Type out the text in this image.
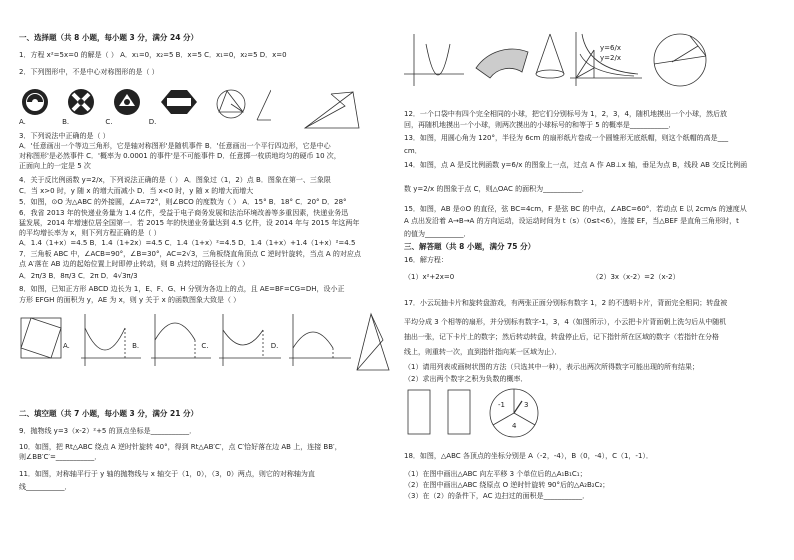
一、选择题（共 8 小题，每小题 3 分，满分 24 分）
1．方程 x²=5x=0 的解是（ ） A．x₁=0，x₂=5 B．x=5 C．x₁=0，x₂=5 D．x=0
2．下列图形中，不是中心对称图形的是（ ）
A.	B.	C.	D.
3．下列说法中正确的是（ ）
A．'任意画出一个等边三角形，它是轴对称图形'是随机事件 B．'任意画出一个平行四边形，它是中心
对称图形'是必然事件 C．'概率为 0.0001 的事件'是不可能事件 D．任意掷一枚质地均匀的硬币 10 次，
正面向上的一定是 5 次
4．关于反比例函数 y=2/x，下列说法正确的是（ ） A．图象过（1，2）点 B．图象在第一、三象限
C．当 x>0 时，y 随 x 的增大而减小 D．当 x<0 时，y 随 x 的增大而增大
5．如图，⊙O 为△ABC 的外接圆，∠A=72°，则∠BCO 的度数为（ ） A．15° B．18° C．20° D．28°
6．我省 2013 年的快递业务量为 1.4 亿件，受益于电子商务发展和法治环境改善等多重因素，快递业务迅
猛发展，2014 年增速位居全国第一．若 2015 年的快递业务量达到 4.5 亿件，设 2014 年与 2015 年这两年
的平均增长率为 x，则下列方程正确的是（ ）
A．1.4（1+x）=4.5 B．1.4（1+2x）=4.5 C．1.4（1+x）²=4.5 D．1.4（1+x）+1.4（1+x）²=4.5
7．三角板 ABC 中，∠ACB=90°，∠B=30°，AC=2√3，三角板绕直角顶点 C 逆时针旋转，当点 A 的对应点
点 A′落在 AB 边的起始位置上时即停止转动，则 B 点转过的路径长为（ ）
A．2π/3 B．8π/3 C．2π D．4√3π/3
8．如图，已知正方形 ABCD 边长为 1，E、F、G、H 分别为各边上的点，且 AE=BF=CG=DH，设小正
方形 EFGH 的面积为 y，AE 为 x，则 y 关于 x 的函数图象大致是（ ）
A.	B.	C.	D.
二、填空题（共 7 小题，每小题 3 分，满分 21 分）
9．抛物线 y=3（x-2）²+5 的顶点坐标是___________．
10．如图，把 Rt△ABC 绕点 A 逆时针旋转 40°，得到 Rt△AB′C′，点 C′恰好落在边 AB 上，连接 BB′，
则∠BB′C′=___________．
11．如图，对称轴平行于 y 轴的抛物线与 x 轴交于（1，0），（3，0）两点，则它的对称轴为直
线___________．
y=6/x
y=2/x
12．一个口袋中有四个完全相同的小球，把它们分别标号为 1，2，3，4，随机地摸出一个小球，然后放
回，再随机地摸出一个小球，则两次摸出的小球标号的和等于 5 的概率是___________．
13．如图，用圆心角为 120°，半径为 6cm 的扇形纸片卷成一个圆锥形无底纸帽，则这个纸帽的高是___
cm．
14．如图，点 A 是反比例函数 y=6/x 的图象上一点，过点 A 作 AB⊥x 轴，垂足为点 B，线段 AB 交反比例函
数 y=2/x 的图象于点 C，则△OAC 的面积为___________．
15．如图，AB 是⊙O 的直径，弦 BC=4cm，F 是弦 BC 的中点，∠ABC=60°．若动点 E 以 2cm/s 的速度从
A 点出发沿着 A→B→A 的方向运动，设运动时间为 t（s）（0≤t<6），连接 EF，当△BEF 是直角三角形时，t
的值为___________．
三、解答题（共 8 小题，满分 75 分）
16．解方程：
（1）x²+2x=0	（2）3x（x-2）=2（x-2）
17．小云玩抽卡片和旋转盘游戏，有两张正面分别标有数字 1，2 的不透明卡片，背面完全相同；转盘被
平均分成 3 个相等的扇形，并分别标有数字-1，3，4（如图所示），小云把卡片背面朝上洗匀后从中随机
抽出一张，记下卡片上的数字；然后转动转盘，转盘停止后，记下指针所在区域的数字（若指针在分格
线上，则重转一次，直到指针指向某一区域为止）．
（1）请用列表或画树状图的方法（只选其中一种），表示出两次所得数字可能出现的所有结果；
（2）求出两个数字之积为负数的概率．
-1	3
4
18．如图，△ABC 各顶点的坐标分别是 A（-2，-4），B（0，-4），C（1，-1）．
（1）在图中画出△ABC 向左平移 3 个单位后的△A₁B₁C₁；
（2）在图中画出△ABC 绕原点 O 逆时针旋转 90°后的△A₂B₂C₂；
（3）在（2）的条件下，AC 边扫过的面积是___________．
